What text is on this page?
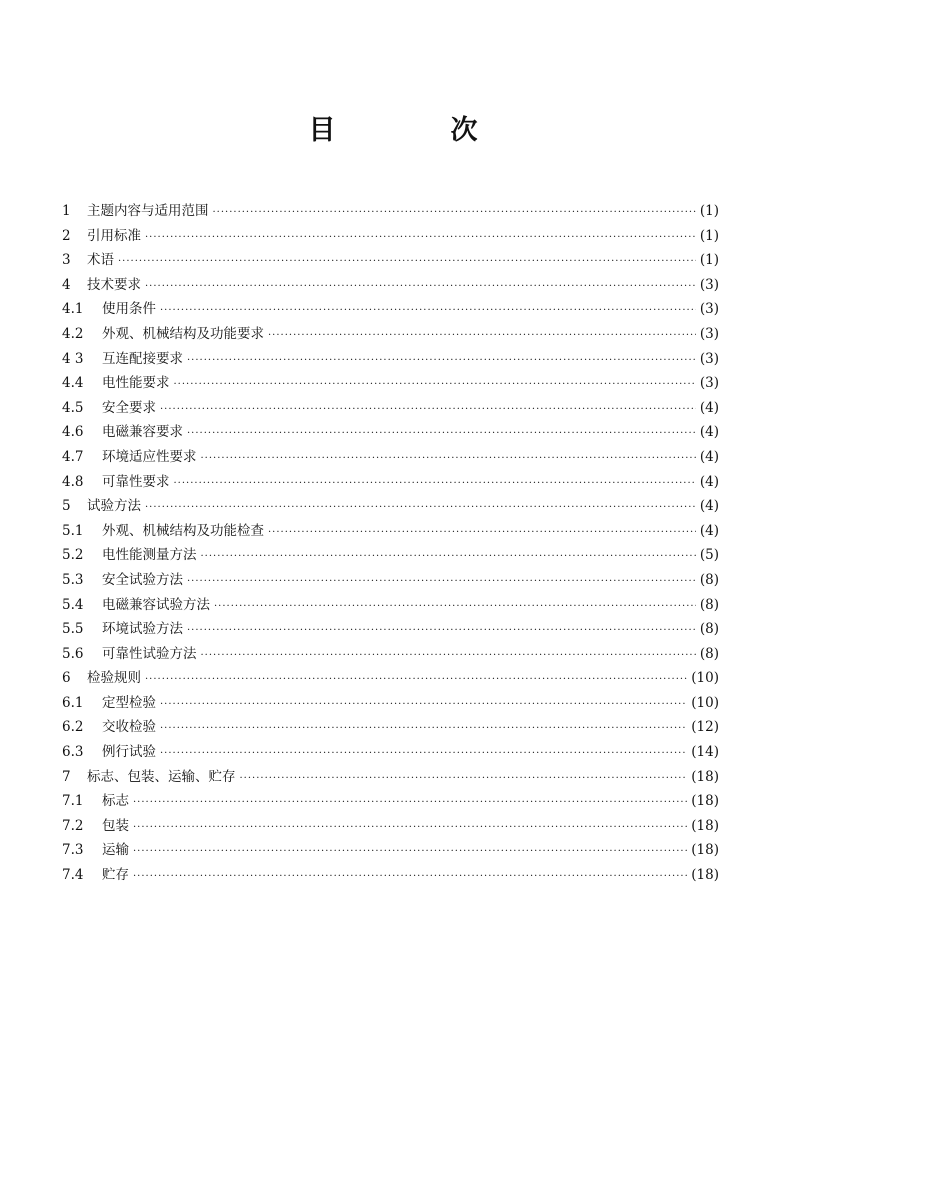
目　次
1	主题内容与适用范围 ·····	(1)
2	引用标准 ·····	(1)
3	术语 ·····	(1)
4	技术要求 ·····	(3)
4.1	使用条件 ·····	(3)
4.2	外观、机械结构及功能要求 ·····	(3)
4 3	互连配接要求 ·····	(3)
4.4	电性能要求 ·····	(3)
4.5	安全要求 ·····	(4)
4.6	电磁兼容要求 ·····	(4)
4.7	环境适应性要求 ·····	(4)
4.8	可靠性要求 ·····	(4)
5	试验方法 ·····	(4)
5.1	外观、机械结构及功能检查 ·····	(4)
5.2	电性能测量方法 ·····	(5)
5.3	安全试验方法 ·····	(8)
5.4	电磁兼容试验方法 ·····	(8)
5.5	环境试验方法 ·····	(8)
5.6	可靠性试验方法 ·····	(8)
6	检验规则 ·····	(10)
6.1	定型检验 ·····	(10)
6.2	交收检验 ·····	(12)
6.3	例行试验 ·····	(14)
7	标志、包装、运输、贮存 ·····	(18)
7.1	标志 ·····	(18)
7.2	包装 ·····	(18)
7.3	运输 ·····	(18)
7.4	贮存 ·····	(18)
